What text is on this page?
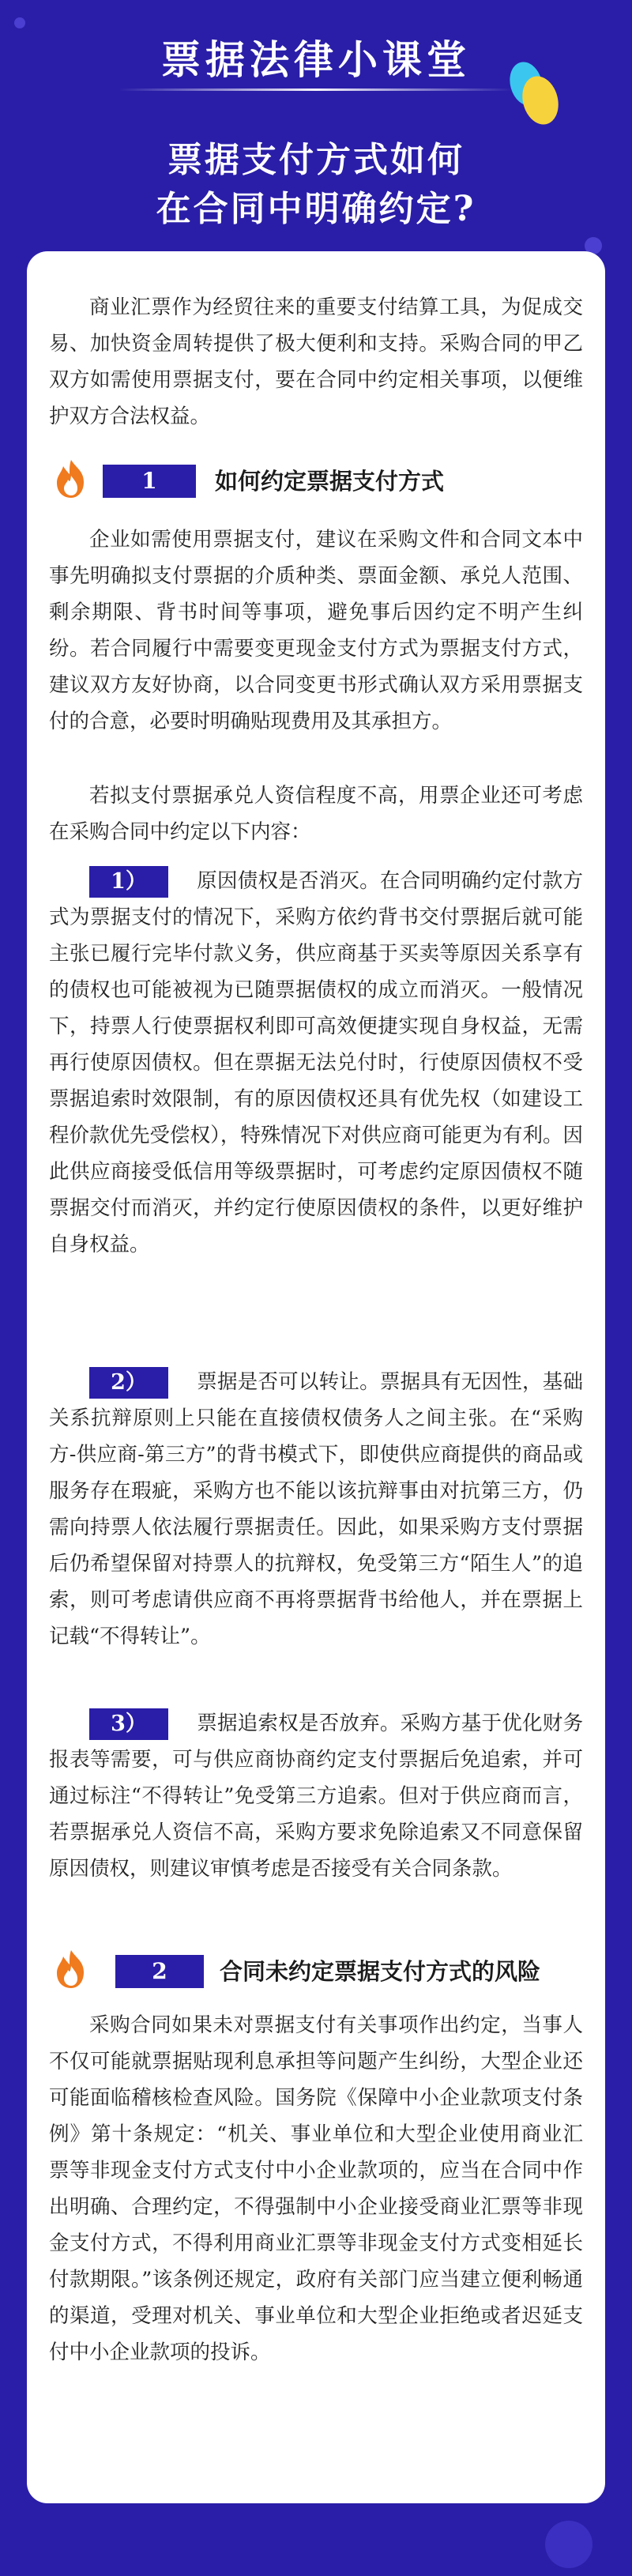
票据法律小课堂
票据支付方式如何
在合同中明确约定?
商业汇票作为经贸往来的重要支付结算工具，为促成交易、加快资金周转提供了极大便利和支持。采购合同的甲乙双方如需使用票据支付，要在合同中约定相关事项，以便维护双方合法权益。
1	如何约定票据支付方式
企业如需使用票据支付，建议在采购文件和合同文本中事先明确拟支付票据的介质种类、票面金额、承兑人范围、剩余期限、背书时间等事项，避免事后因约定不明产生纠纷。若合同履行中需要变更现金支付方式为票据支付方式，建议双方友好协商，以合同变更书形式确认双方采用票据支付的合意，必要时明确贴现费用及其承担方。
若拟支付票据承兑人资信程度不高，用票企业还可考虑在采购合同中约定以下内容：
1） 原因债权是否消灭。在合同明确约定付款方式为票据支付的情况下，采购方依约背书交付票据后就可能主张已履行完毕付款义务，供应商基于买卖等原因关系享有的债权也可能被视为已随票据债权的成立而消灭。一般情况下，持票人行使票据权利即可高效便捷实现自身权益，无需再行使原因债权。但在票据无法兑付时，行使原因债权不受票据追索时效限制，有的原因债权还具有优先权（如建设工程价款优先受偿权），特殊情况下对供应商可能更为有利。因此供应商接受低信用等级票据时，可考虑约定原因债权不随票据交付而消灭，并约定行使原因债权的条件，以更好维护自身权益。
2） 票据是否可以转让。票据具有无因性，基础关系抗辩原则上只能在直接债权债务人之间主张。在“采购方-供应商-第三方”的背书模式下，即使供应商提供的商品或服务存在瑕疵，采购方也不能以该抗辩事由对抗第三方，仍需向持票人依法履行票据责任。因此，如果采购方支付票据后仍希望保留对持票人的抗辩权，免受第三方“陌生人”的追索，则可考虑请供应商不再将票据背书给他人，并在票据上记载“不得转让”。
3） 票据追索权是否放弃。采购方基于优化财务报表等需要，可与供应商协商约定支付票据后免追索，并可通过标注“不得转让”免受第三方追索。但对于供应商而言，若票据承兑人资信不高，采购方要求免除追索又不同意保留原因债权，则建议审慎考虑是否接受有关合同条款。
2	合同未约定票据支付方式的风险
采购合同如果未对票据支付有关事项作出约定，当事人不仅可能就票据贴现利息承担等问题产生纠纷，大型企业还可能面临稽核检查风险。国务院《保障中小企业款项支付条例》第十条规定：“机关、事业单位和大型企业使用商业汇票等非现金支付方式支付中小企业款项的，应当在合同中作出明确、合理约定，不得强制中小企业接受商业汇票等非现金支付方式，不得利用商业汇票等非现金支付方式变相延长付款期限。”该条例还规定，政府有关部门应当建立便利畅通的渠道，受理对机关、事业单位和大型企业拒绝或者迟延支付中小企业款项的投诉。
